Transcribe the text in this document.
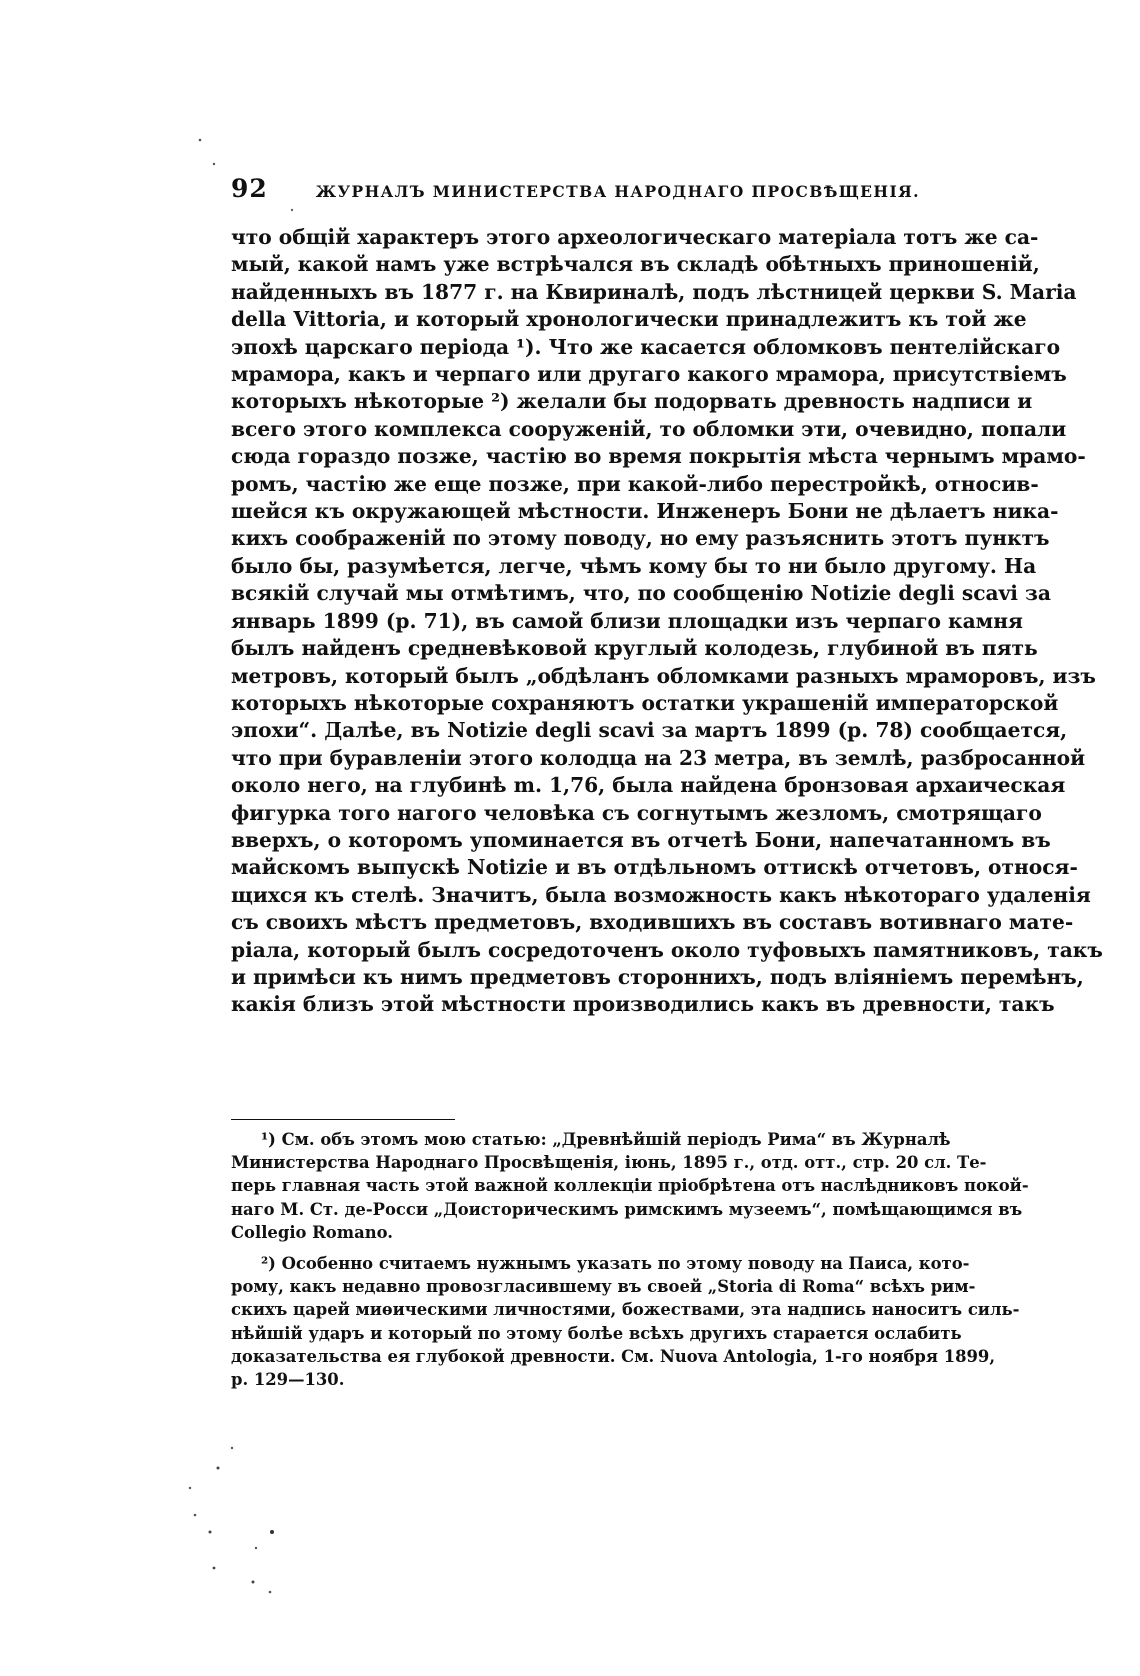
92	ЖУРНАЛЪ МИНИСТЕРСТВА НАРОДНАГО ПРОСВѢЩЕНІЯ.
что общій характеръ этого археологическаго матеріала тотъ же са-
мый, какой намъ уже встрѣчался въ складѣ обѣтныхъ приношеній,
найденныхъ въ 1877 г. на Квириналѣ, подъ лѣстницей церкви S. Maria
della Vittoria, и который хронологически принадлежитъ къ той же
эпохѣ царскаго періода ¹). Что же касается обломковъ пентелійскаго
мрамора, какъ и черпаго или другаго какого мрамора, присутствіемъ
которыхъ нѣкоторые ²) желали бы подорвать древность надписи и
всего этого комплекса сооруженій, то обломки эти, очевидно, попали
сюда гораздо позже, частію во время покрытія мѣста чернымъ мрамо-
ромъ, частію же еще позже, при какой-либо перестройкѣ, относив-
шейся къ окружающей мѣстности. Инженеръ Бони не дѣлаетъ никa-
кихъ соображеній по этому поводу, но ему разъяснить этотъ пунктъ
было бы, разумѣется, легче, чѣмъ кому бы то ни было другому. На
всякій случай мы отмѣтимъ, что, по сообщенію Notizie degli scavi за
январь 1899 (p. 71), въ самой близи площадки изъ черпаго камня
былъ найденъ средневѣковой круглый колодезь, глубиной въ пять
метровъ, который былъ „обдѣланъ обломками разныхъ мраморовъ, изъ
которыхъ нѣкоторые сохраняютъ остатки украшеній императорской
эпохи“. Далѣе, въ Notizie degli scavi за мартъ 1899 (p. 78) сообщается,
что при буравленіи этого колодца на 23 метра, въ землѣ, разбросанной
около него, на глубинѣ m. 1,76, была найдена бронзовая архаическая
фигурка того нагого человѣка съ согнутымъ жезломъ, смотрящаго
вверхъ, о которомъ упоминается въ отчетѣ Бони, напечатанномъ въ
майскомъ выпускѣ Notizie и въ отдѣльномъ оттискѣ отчетовъ, относя-
щихся къ стелѣ. Значитъ, была возможность какъ нѣкотораго удаленія
съ своихъ мѣстъ предметовъ, входившихъ въ составъ вотивнаго мате-
ріала, который былъ сосредоточенъ около туфовыхъ памятниковъ, такъ
и примѣси къ нимъ предметовъ стороннихъ, подъ вліяніемъ перемѣнъ,
какія близъ этой мѣстности производились какъ въ древности, такъ
¹) См. объ этомъ мою статью: „Древнѣйшій періодъ Рима“ въ Журналѣ
Министерства Народнаго Просвѣщенія, іюнь, 1895 г., отд. отт., стр. 20 сл. Те-
перь главная часть этой важной коллекціи пріобрѣтена отъ наслѣдниковъ покой-
наго М. Ст. де-Росси „Доисторическимъ римскимъ музеемъ“, помѣщающимся въ
Collegio Romano.
²) Особенно считаемъ нужнымъ указать по этому поводу на Паиса, кото-
рому, какъ недавно провозгласившему въ своей „Storia di Roma“ всѣхъ рим-
скихъ царей миѳическими личностями, божествами, эта надпись наноситъ силь-
нѣйшій ударъ и который по этому болѣе всѣхъ другихъ старается ослабить
доказательства ея глубокой древности. См. Nuova Antologia, 1-го ноября 1899,
p. 129—130.
